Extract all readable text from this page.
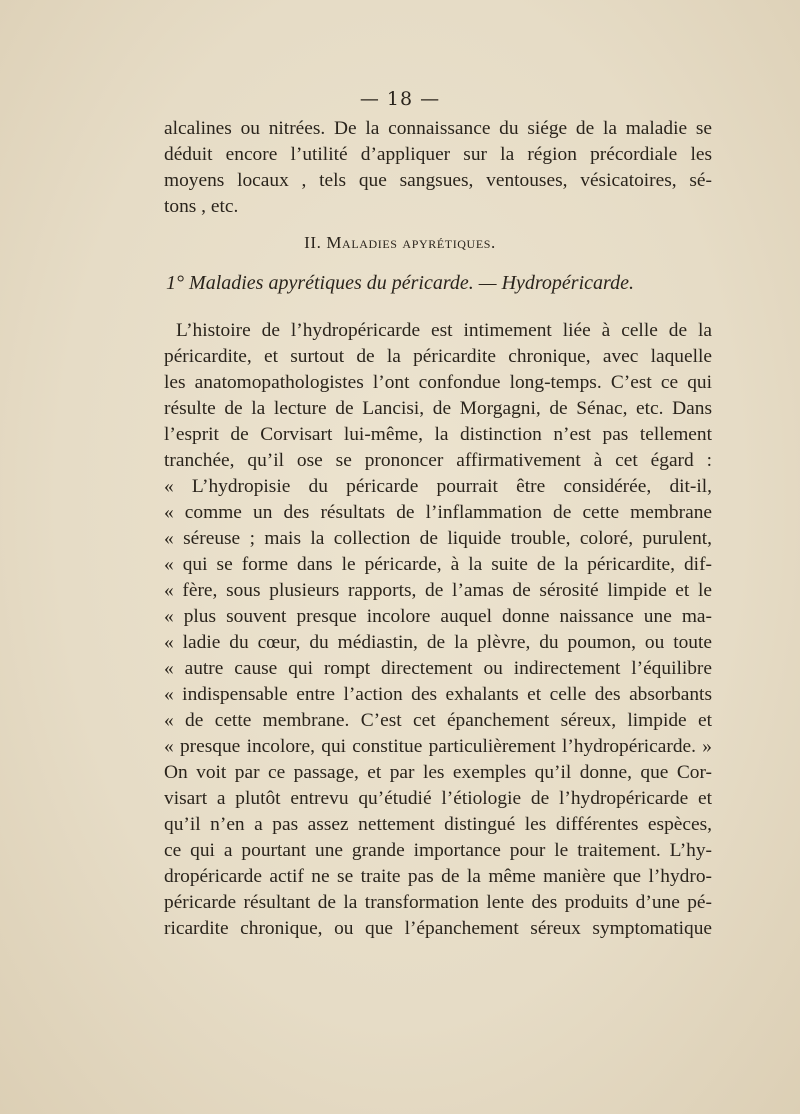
— 18 —
alcalines ou nitrées. De la connaissance du siége de la maladie se
déduit encore l’utilité d’appliquer sur la région précordiale les
moyens locaux , tels que sangsues, ventouses, vésicatoires, sé-
tons , etc.
II. Maladies apyrétiques.
1° Maladies apyrétiques du péricarde. — Hydropéricarde.
L’histoire de l’hydropéricarde est intimement liée à celle de la
péricardite, et surtout de la péricardite chronique, avec laquelle
les anatomopathologistes l’ont confondue long-temps. C’est ce qui
résulte de la lecture de Lancisi, de Morgagni, de Sénac, etc. Dans
l’esprit de Corvisart lui-même, la distinction n’est pas tellement
tranchée, qu’il ose se prononcer affirmativement à cet égard :
« L’hydropisie du péricarde pourrait être considérée, dit-il,
« comme un des résultats de l’inflammation de cette membrane
« séreuse ; mais la collection de liquide trouble, coloré, purulent,
« qui se forme dans le péricarde, à la suite de la péricardite, dif-
« fère, sous plusieurs rapports, de l’amas de sérosité limpide et le
« plus souvent presque incolore auquel donne naissance une ma-
« ladie du cœur, du médiastin, de la plèvre, du poumon, ou toute
« autre cause qui rompt directement ou indirectement l’équilibre
« indispensable entre l’action des exhalants et celle des absorbants
« de cette membrane. C’est cet épanchement séreux, limpide et
« presque incolore, qui constitue particulièrement l’hydropéricarde. »
On voit par ce passage, et par les exemples qu’il donne, que Cor-
visart a plutôt entrevu qu’étudié l’étiologie de l’hydropéricarde et
qu’il n’en a pas assez nettement distingué les différentes espèces,
ce qui a pourtant une grande importance pour le traitement. L’hy-
dropéricarde actif ne se traite pas de la même manière que l’hydro-
péricarde résultant de la transformation lente des produits d’une pé-
ricardite chronique, ou que l’épanchement séreux symptomatique
